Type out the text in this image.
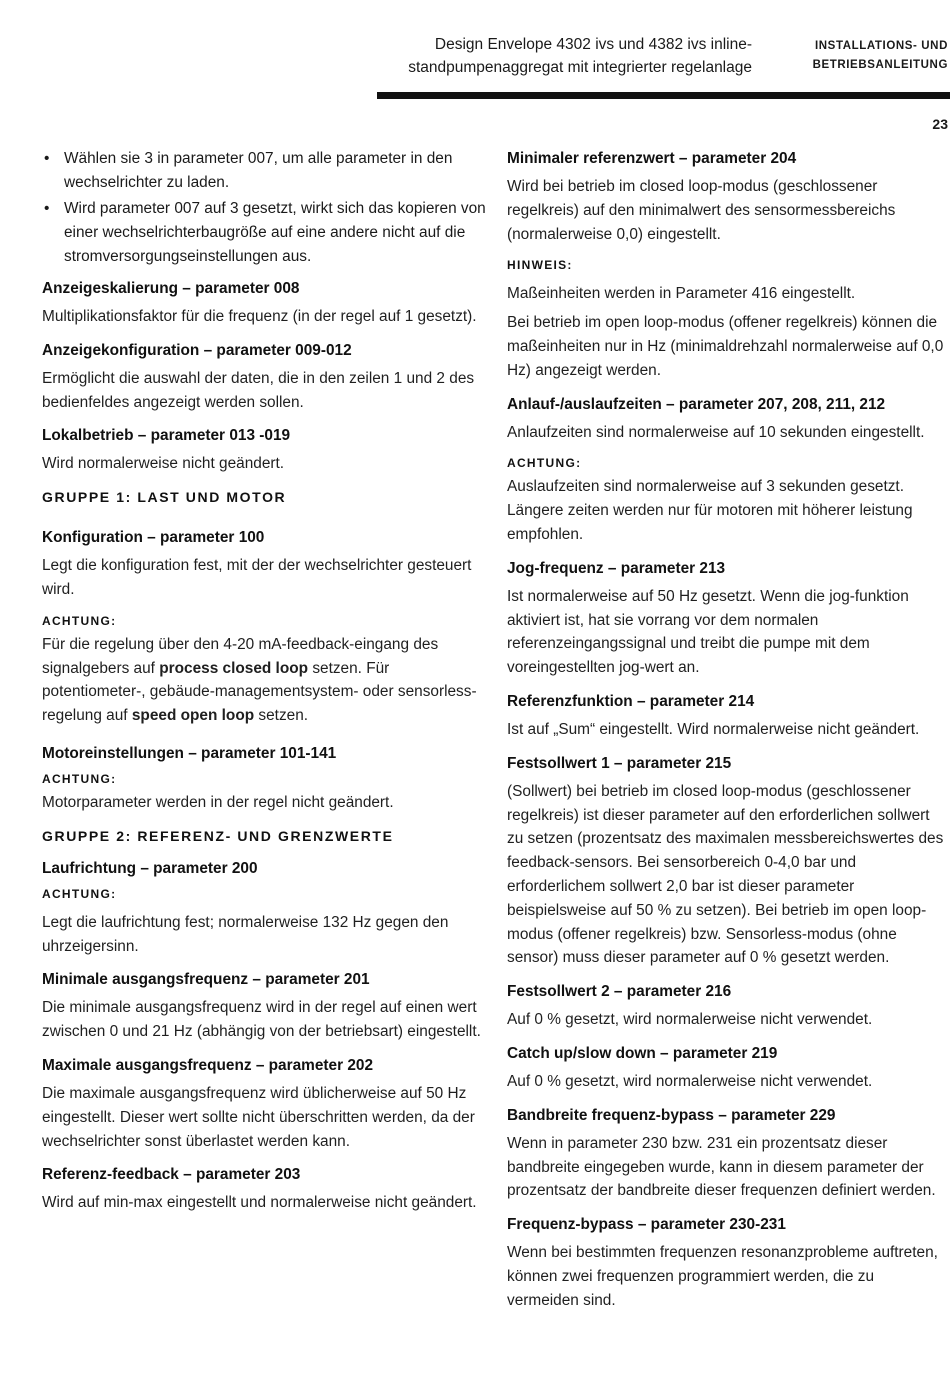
Design Envelope 4302 ivs und 4382 ivs inline-
standpumpenaggregat mit integrierter regelanlage
INSTALLATIONS- UND
BETRIEBSANLEITUNG
23
• Wählen sie 3 in parameter 007, um alle parameter in den wechselrichter zu laden.
• Wird parameter 007 auf 3 gesetzt, wirkt sich das kopieren von einer wechselrichterbaugröße auf eine andere nicht auf die stromversorgungseinstellungen aus.
Anzeigeskalierung – parameter 008
Multiplikationsfaktor für die frequenz (in der regel auf 1 gesetzt).
Anzeigekonfiguration – parameter 009-012
Ermöglicht die auswahl der daten, die in den zeilen 1 und 2 des bedienfeldes angezeigt werden sollen.
Lokalbetrieb – parameter 013 -019
Wird normalerweise nicht geändert.
GRUPPE 1: LAST UND MOTOR
Konfiguration – parameter 100
Legt die konfiguration fest, mit der der wechselrichter gesteuert wird.
ACHTUNG:
Für die regelung über den 4-20 mA-feedback-eingang des signalgebers auf process closed loop setzen. Für potentiometer-, gebäude-managementsystem- oder sensorless-regelung auf speed open loop setzen.
Motoreinstellungen – parameter 101-141
ACHTUNG:
Motorparameter werden in der regel nicht geändert.
GRUPPE 2: REFERENZ- UND GRENZWERTE
Laufrichtung – parameter 200
ACHTUNG:
Legt die laufrichtung fest; normalerweise 132 Hz gegen den uhrzeigersinn.
Minimale ausgangsfrequenz – parameter 201
Die minimale ausgangsfrequenz wird in der regel auf einen wert zwischen 0 und 21 Hz (abhängig von der betriebsart) eingestellt.
Maximale ausgangsfrequenz – parameter 202
Die maximale ausgangsfrequenz wird üblicherweise auf 50 Hz eingestellt. Dieser wert sollte nicht überschritten werden, da der wechselrichter sonst überlastet werden kann.
Referenz-feedback – parameter 203
Wird auf min-max eingestellt und normalerweise nicht geändert.
Minimaler referenzwert – parameter 204
Wird bei betrieb im closed loop-modus (geschlossener regelkreis) auf den minimalwert des sensormessbereichs (normalerweise 0,0) eingestellt.
HINWEIS:
Maßeinheiten werden in Parameter 416 eingestellt.
Bei betrieb im open loop-modus (offener regelkreis) können die maßeinheiten nur in Hz (minimaldrehzahl normalerweise auf 0,0 Hz) angezeigt werden.
Anlauf-/auslaufzeiten – parameter 207, 208, 211, 212
Anlaufzeiten sind normalerweise auf 10 sekunden eingestellt.
ACHTUNG:
Auslaufzeiten sind normalerweise auf 3 sekunden gesetzt. Längere zeiten werden nur für motoren mit höherer leistung empfohlen.
Jog-frequenz – parameter 213
Ist normalerweise auf 50 Hz gesetzt. Wenn die jog-funktion aktiviert ist, hat sie vorrang vor dem normalen referenzeingangssignal und treibt die pumpe mit dem voreingestellten jog-wert an.
Referenzfunktion – parameter 214
Ist auf „Sum“ eingestellt. Wird normalerweise nicht geändert.
Festsollwert 1 – parameter 215
(Sollwert) bei betrieb im closed loop-modus (geschlossener regelkreis) ist dieser parameter auf den erforderlichen sollwert zu setzen (prozentsatz des maximalen messbereichswertes des feedback-sensors. Bei sensorbereich 0-4,0 bar und erforderlichem sollwert 2,0 bar ist dieser parameter beispielsweise auf 50 % zu setzen). Bei betrieb im open loop-modus (offener regelkreis) bzw. Sensorless-modus (ohne sensor) muss dieser parameter auf 0 % gesetzt werden.
Festsollwert 2 – parameter 216
Auf 0 % gesetzt, wird normalerweise nicht verwendet.
Catch up/slow down – parameter 219
Auf 0 % gesetzt, wird normalerweise nicht verwendet.
Bandbreite frequenz-bypass – parameter 229
Wenn in parameter 230 bzw. 231 ein prozentsatz dieser bandbreite eingegeben wurde, kann in diesem parameter der prozentsatz der bandbreite dieser frequenzen definiert werden.
Frequenz-bypass – parameter 230-231
Wenn bei bestimmten frequenzen resonanzprobleme auftreten, können zwei frequenzen programmiert werden, die zu vermeiden sind.
